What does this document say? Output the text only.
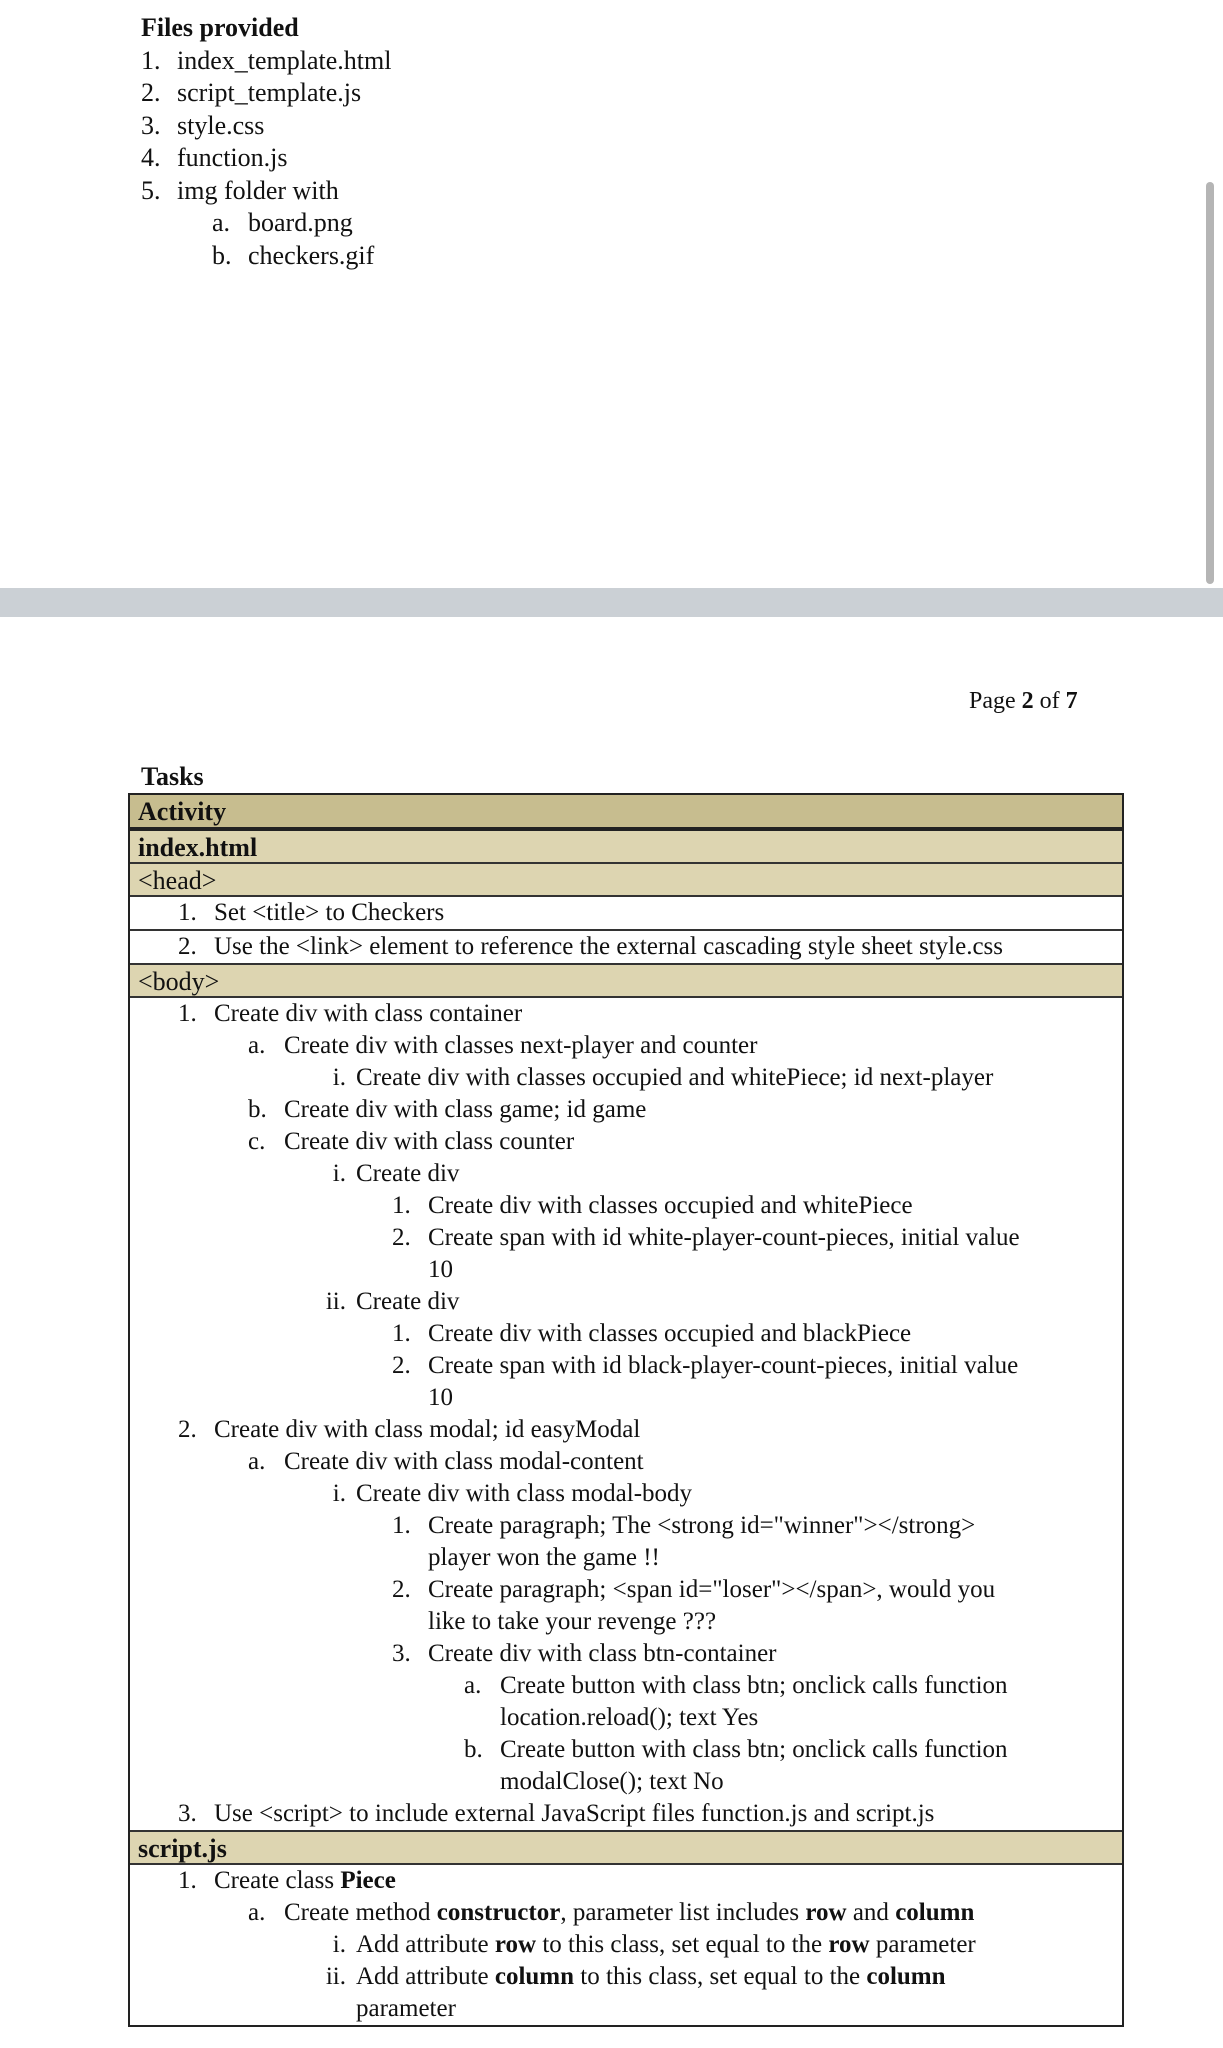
Files provided
1. index_template.html
2. script_template.js
3. style.css
4. function.js
5. img folder with
a. board.png
b. checkers.gif
Page 2 of 7
Tasks
Activity
index.html
<head>
1. Set <title> to Checkers
2. Use the <link> element to reference the external cascading style sheet style.css
<body>
1. Create div with class container
a. Create div with classes next-player and counter
i. Create div with classes occupied and whitePiece; id next-player
b. Create div with class game; id game
c. Create div with class counter
i. Create div
1. Create div with classes occupied and whitePiece
2. Create span with id white-player-count-pieces, initial value
10
ii. Create div
1. Create div with classes occupied and blackPiece
2. Create span with id black-player-count-pieces, initial value
10
2. Create div with class modal; id easyModal
a. Create div with class modal-content
i. Create div with class modal-body
1. Create paragraph; The <strong id="winner"></strong>
player won the game !!
2. Create paragraph; <span id="loser"></span>, would you
like to take your revenge ???
3. Create div with class btn-container
a. Create button with class btn; onclick calls function
location.reload(); text Yes
b. Create button with class btn; onclick calls function
modalClose(); text No
3. Use <script> to include external JavaScript files function.js and script.js
script.js
1. Create class Piece
a. Create method constructor, parameter list includes row and column
i. Add attribute row to this class, set equal to the row parameter
ii. Add attribute column to this class, set equal to the column
parameter
